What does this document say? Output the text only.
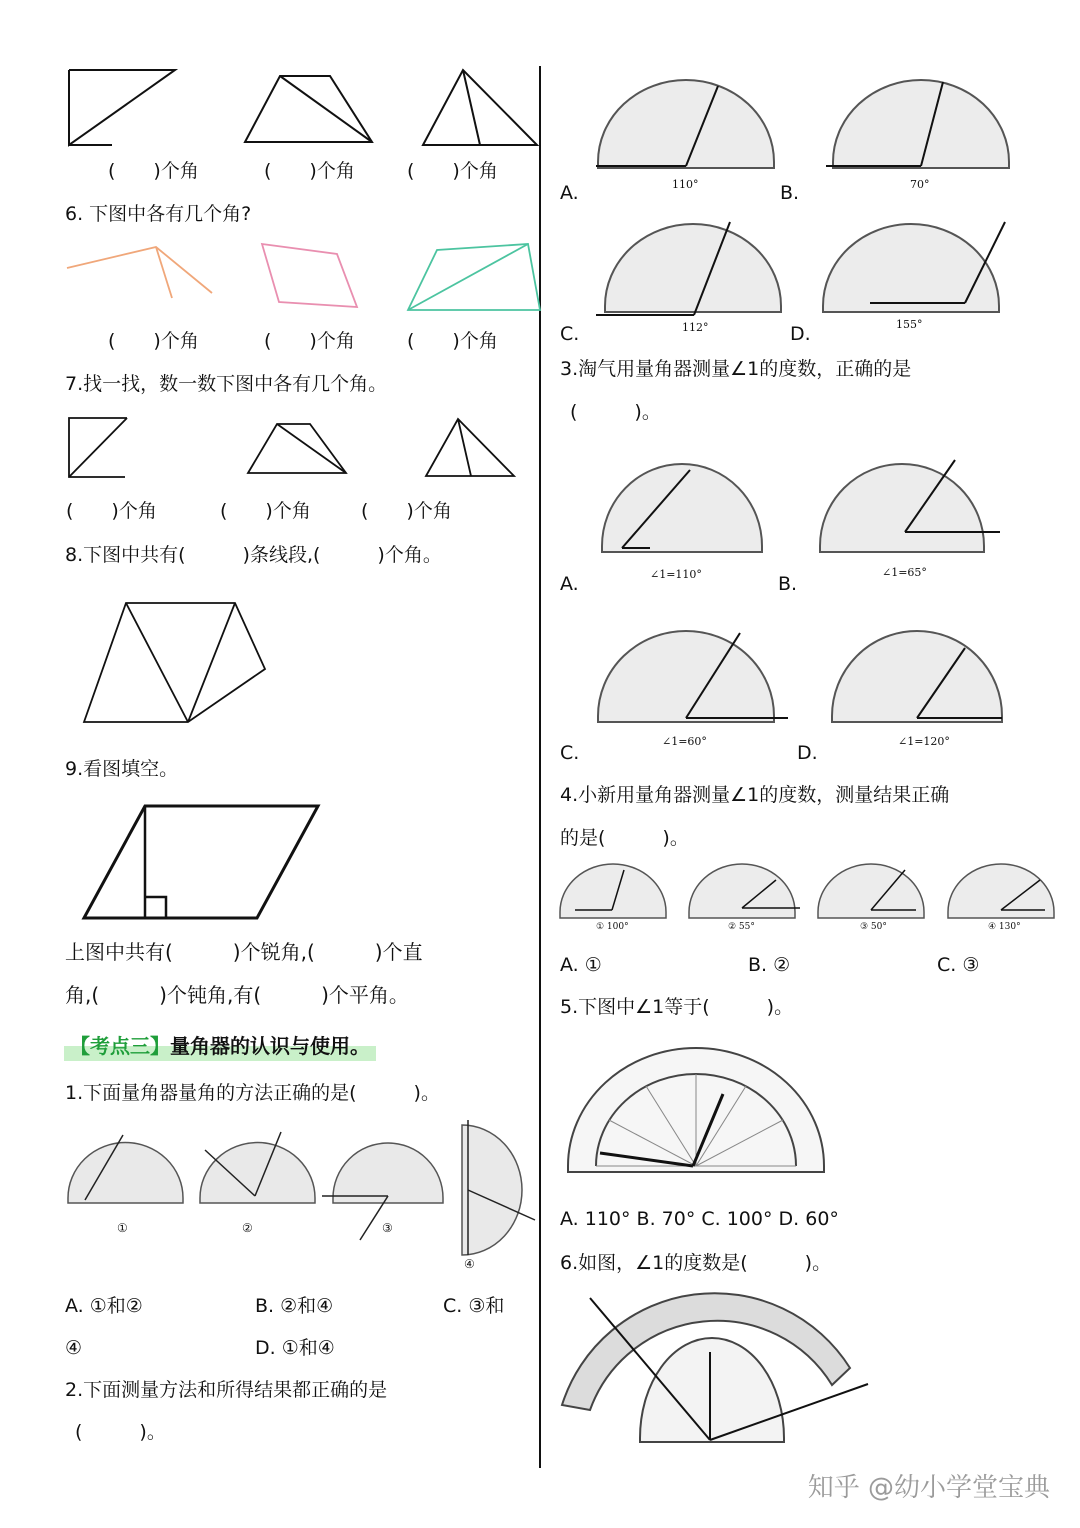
(　　)个角	(　　)个角	(　　)个角
6. 下图中各有几个角?
(　　)个角	(　　)个角	(　　)个角
7.找一找，数一数下图中各有几个角。
(　　)个角	(　　)个角	(　　)个角
8.下图中共有(　　　)条线段,(　　　)个角。
9.看图填空。
上图中共有(　　　)个锐角,(　　　)个直
角,(　　　)个钝角,有(　　　)个平角。
【考点三】量角器的认识与使用。
1.下面量角器量角的方法正确的是(　　　)。
①	②	③
④
A. ①和②	B. ②和④	C. ③和
④	D. ①和④
2.下面测量方法和所得结果都正确的是
(　　　)。
110°	70°
112°	155°
A.	B.
C.	D.
3.淘气用量角器测量∠1的度数，正确的是
(　　　)。
∠1=110°	∠1=65°
∠1=60°	∠1=120°
A.	B.
C.	D.
4.小新用量角器测量∠1的度数，测量结果正确
的是(　　　)。
① 100°	② 55°	③ 50°	④ 130°
A. ①	B. ②	C. ③
5.下图中∠1等于(　　　)。
A. 110° B. 70° C. 100° D. 60°
6.如图，∠1的度数是(　　　)。
知乎 @幼小学堂宝典
